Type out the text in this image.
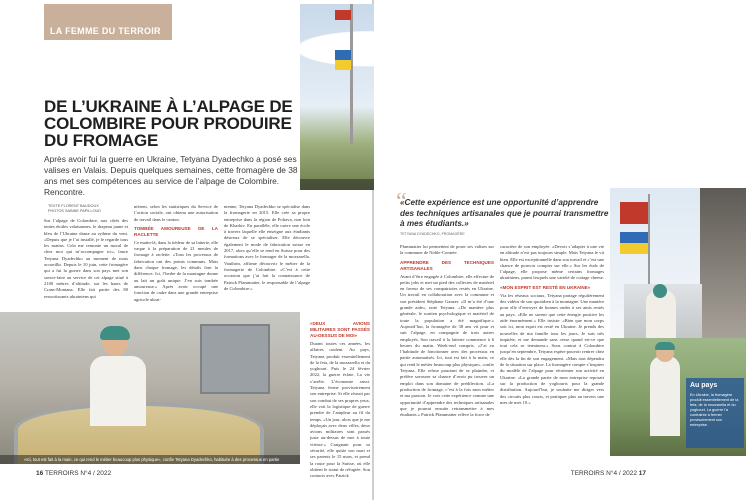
LA FEMME DU TERROIR
DE L’UKRAINE À L’ALPAGE DE COLOMBIRE POUR PRODUIRE DU FROMAGE
Après avoir fui la guerre en Ukraine, Tetyana Dyadechko a posé ses valises en Valais. Depuis quelques semaines, cette fromagère de 38 ans met ses compétences au service de l’alpage de Colombire. Rencontre.
TEXTE FLORENT BAUDOUX
PHOTOS SABINE PAPILLOUD

Sur l’alpage de Colombire, aux côtés des tentes étoiles valaisannes, le drapeau jaune et bleu de l’Ukraine danse au rythme du vent. «Depuis que je l’ai installé, je le regarde tous les matins. Cela me remonte un moral de chez moi qui m’accompagne ici», lance Tetyana Dyadechko au moment de nous accueillir. Depuis le 10 juin, cette fromagère qui a fui la guerre dans son pays met son savoir-faire au service de cet alpage situé à 2100 mètres d’altitude, sur les hauts de Crans-Montana. Elle fait partie des 80 ressortissants ukrainiens qui

nièrent, selon les statistiques du Service de l’action sociale, ont obtenu une autorisation de travail dans le canton.

TOMBÉE AMOUREUSE DE LA RACLETTE

Ce matin-là, dans la tiédeur de sa laiterie, elle vaque à la préparation de 21 meules de fromage à raclette. «Tous les processus de fabrication ont des points communs. Mais dans chaque fromage, les détails font la différence. Ici, l’herbe de la montagne donne au lait un goût unique. J’en suis tombée amoureuse.» Après avoir occupé une fonction de cadre dans une grande entreprise agricole ukrai-

nienne, Tetyana Dyadechko se spécialise dans la fromagerie en 2015. Elle crée sa propre entreprise dans la région de Poltava, non loin de Kharkiv. En parallèle, elle ouvre une école à travers laquelle elle enseigne aux étudiants désireux de se spécialiser. Elle découvre également le mode de fabrication suisse en 2017, alors qu’elle se rend en Suisse pour des formations avec le fromager de la mozzarella. Vauthrin, affirme découvrir le métier de la fromagerie de Colombire. «C’est à cette occasion que j’ai fait la connaissance de Patrick Pfammatter, le responsable de l’alpage de Colombire.»

«DEUX AVIONS MILITAIRES SONT PASSÉS AU-DESSUS DE MOI»

Durant toutes ces années, les affaires roulent. Au pays, Tetyana produit essentiellement de la feta, de la mozzarella et du yoghourt. Puis le 24 février 2022, la guerre éclate. La vie s’arrête. L’économie aussi. Tetyana ferme provisoirement son entreprise. Si elle réussit par son combat de ses propres yeux, elle voit la logistique de guerre prendre de l’ampleur au fil du temps. «Un jour, alors que je me déplaçais avec deux villes, deux avions militaires sont passés juste au-dessus de moi à toute vitesse.» Craignant pour sa sécurité, elle quitte son mari et ses parents le 15 mars, et prend la route pour la Suisse, où elle obtient le statut de réfugiée. Son contacts avec Patrick

«Ici, tout est fait à la main, ce qui rend le métier beaucoup plus physique», confie Tetyana Dyadechko, habituée à des processus en partie automatisés.
16 TERROIRS N°4 / 2022
“
«Cette expérience est une opportunité d’apprendre des techniques artisanales que je pourrai transmettre à mes étudiants.»
TETYANA DYADECHKO, FROMAGÈRE

Pfammatter lui permettent de poser ses valises sur la commune de Noble-Contrée.

APPRENDRE DES TECHNIQUES ARTISANALES

Avant d’être engagée à Colombire, elle effectue de petits jobs et met un pied des collectes de matériel en faveur de ses compatriotes restés en Ukraine. Un travail en collaboration avec la commune et son président Stéphane Ganzer. «Il m’a été d’une grande aide», note Tetyana. «De manière plus générale, le soutien psychologique et matériel de toute la population a été magnifique.» Aujourd’hui, la fromagère de 38 ans vit pour et suit l’alpage, en compagnie de trois autres employés. Son travail à la laiterie commence à 6 heures du matin. Week-end compris. «J’ai eu l’habitude de fonctionner avec des processus en partie automatisés. Ici, tout est fait à la main, ce qui rend le métier beaucoup plus physique», confie Tetyana. Elle refuse pourtant de se plaindre, et préfère savourer sa chance d’avoir pu trouver un emploi dans son domaine de prédilection. «La production de fromage, c’est à la fois mon métier et ma passion. Je vois cette expérience comme une opportunité d’apprendre des techniques artisanales que je pourrai ensuite retransmettre à mes étudiants.» Patrick Pfammatter relève la force de

caractère de son employée. «Devoir s’adapter à une vie en altitude n’est pas toujours simple. Mais Tetyana le vit bien. Elle est exceptionnelle dans son travail et c’est une chance de pouvoir compter sur elle.» Sur les étals de l’alpage, elle propose même certains fromages ukrainiens, parmi lesquels une variété de cottage cheese.

«MON ESPRIT EST RESTÉ EN UKRAINE»

Via les réseaux sociaux, Tetyana partage régulièrement des vidéos de son quotidien à la montagne. Une manière pour elle d’envoyer de bonnes ondes à ses amis restés au pays. «Elle ne savent que cette énergie positive les aide énormément.» Elle insiste: «Bien que mon corps soit ici, mon esprit est resté en Ukraine. Je prends des nouvelles de ma famille tous les jours. Je suis très inquiète, et me demande sans cesse quand est-ce que tout cela se terminera.» Sous contrat à Colombire jusqu’en septembre, Tetyana espère pouvoir rentrer chez elle dès la fin de son engagement. «Mais tout dépendra de la situation sur place. La fromagère compte s’inspirer du modèle de l’alpage pour réorienter son activité en Ukraine. «La grande partie de mon entreprise reposait sur la production de yoghourts pour la grande distribution. Aujourd’hui, je souhaite me diriger vers des circuits plus courts, et pratiquer plus au travers une mes de mes 10.»

TERROIRS N°4 / 2022 17
Au pays
En Ukraine, la fromagère produit essentiellement de la feta, de la mozzarella et du yoghourt. La guerre l’a contrainte à fermer provisoirement son entreprise.
